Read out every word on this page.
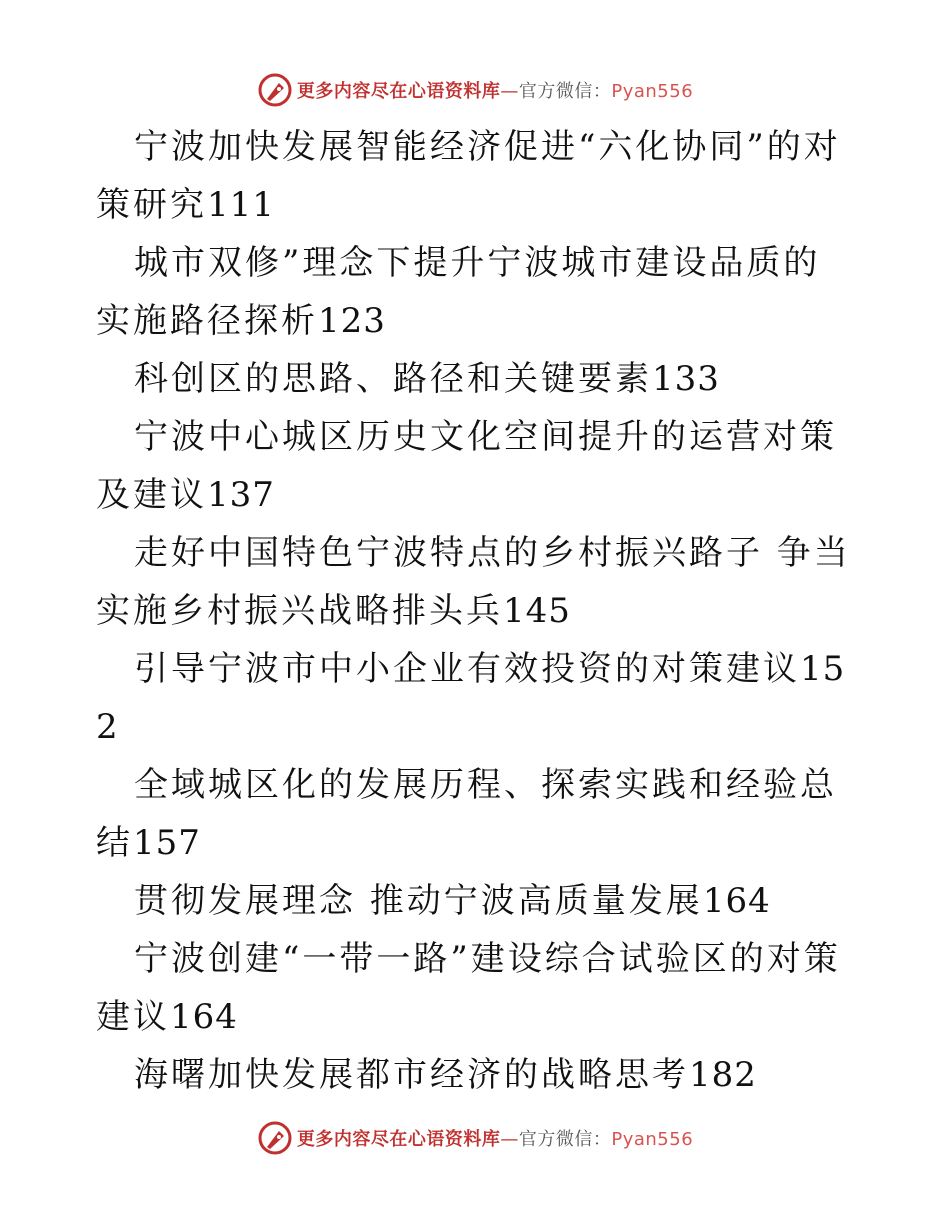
更多内容尽在心语资料库—官方微信：Pyan556
宁波加快发展智能经济促进“六化协同”的对策研究111
城市双修”理念下提升宁波城市建设品质的实施路径探析123
科创区的思路、路径和关键要素133
宁波中心城区历史文化空间提升的运营对策及建议137
走好中国特色宁波特点的乡村振兴路子 争当实施乡村振兴战略排头兵145
引导宁波市中小企业有效投资的对策建议152
全域城区化的发展历程、探索实践和经验总结157
贯彻发展理念 推动宁波高质量发展164
宁波创建“一带一路”建设综合试验区的对策建议164
海曙加快发展都市经济的战略思考182
更多内容尽在心语资料库—官方微信：Pyan556
